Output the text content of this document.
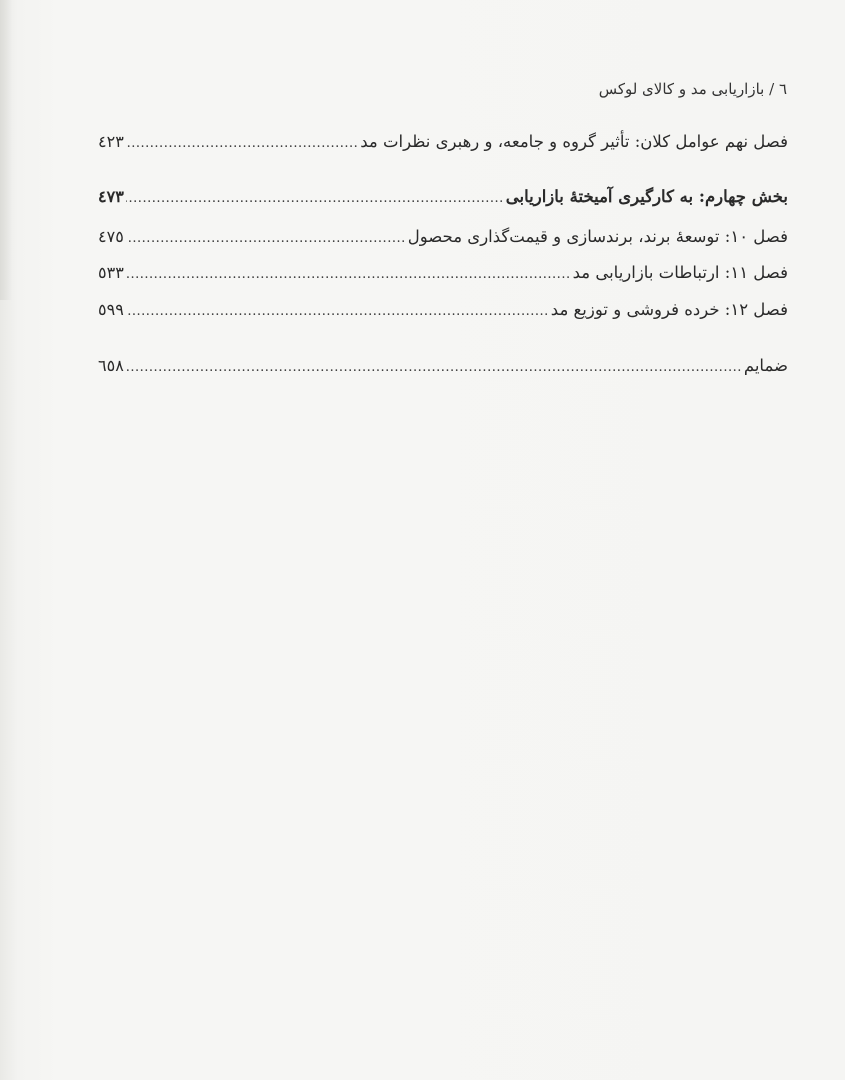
٦ / بازاریابی مد و کالای لوکس
فصل نهم عوامل کلان: تأثیر گروه و جامعه، و رهبری نظرات مد
.....
٤٢٣
بخش چهارم: به کارگیری آمیختهٔ بازاریابی
.....
٤٧٣
فصل ١٠: توسعهٔ برند، برندسازی و قیمت‌گذاری محصول
.....
٤٧٥
فصل ١١: ارتباطات بازاریابی مد
.....
٥٣٣
فصل ١٢: خرده فروشی و توزیع مد
.....
٥٩٩
ضمایم
.....
٦٥٨
